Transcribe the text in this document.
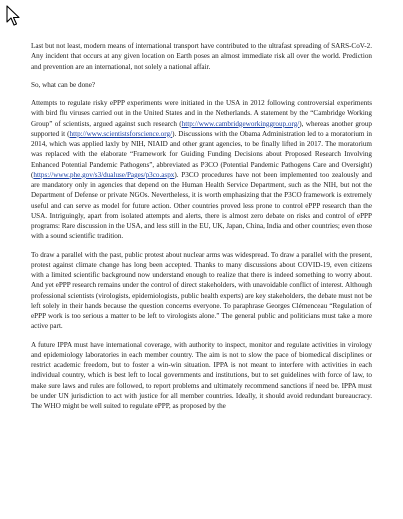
Last but not least, modern means of international transport have contributed to the ultrafast spreading of SARS-CoV-2. Any incident that occurs at any given location on Earth poses an almost immediate risk all over the world. Prediction and prevention are an international, not solely a national affair.

So, what can be done?

Attempts to regulate risky ePPP experiments were initiated in the USA in 2012 following controversial experiments with bird flu viruses carried out in the United States and in the Netherlands. A statement by the “Cambridge Working Group” of scientists, argued against such research (http://www.cambridgeworkinggroup.org/), whereas another group supported it (http://www.scientistsforscience.org/). Discussions with the Obama Administration led to a moratorium in 2014, which was applied laxly by NIH, NIAID and other grant agencies, to be finally lifted in 2017. The moratorium was replaced with the elaborate “Framework for Guiding Funding Decisions about Proposed Research Involving Enhanced Potential Pandemic Pathogens”, abbreviated as P3CO (Potential Pandemic Pathogens Care and Oversight) (https://www.phe.gov/s3/dualuse/Pages/p3co.aspx). P3CO procedures have not been implemented too zealously and are mandatory only in agencies that depend on the Human Health Service Department, such as the NIH, but not the Department of Defense or private NGOs. Nevertheless, it is worth emphasizing that the P3CO framework is extremely useful and can serve as model for future action. Other countries proved less prone to control ePPP research than the USA. Intriguingly, apart from isolated attempts and alerts, there is almost zero debate on risks and control of ePPP programs: Rare discussion in the USA, and less still in the EU, UK, Japan, China, India and other countries; even those with a sound scientific tradition.

To draw a parallel with the past, public protest about nuclear arms was widespread. To draw a parallel with the present, protest against climate change has long been accepted. Thanks to many discussions about COVID-19, even citizens with a limited scientific background now understand enough to realize that there is indeed something to worry about. And yet ePPP research remains under the control of direct stakeholders, with unavoidable conflict of interest. Although professional scientists (virologists, epidemiologists, public health experts) are key stakeholders, the debate must not be left solely in their hands because the question concerns everyone. To paraphrase Georges Clémenceau “Regulation of ePPP work is too serious a matter to be left to virologists alone.” The general public and politicians must take a more active part.

A future IPPA must have international coverage, with authority to inspect, monitor and regulate activities in virology and epidemiology laboratories in each member country. The aim is not to slow the pace of biomedical disciplines or restrict academic freedom, but to foster a win-win situation. IPPA is not meant to interfere with activities in each individual country, which is best left to local governments and institutions, but to set guidelines with force of law, to make sure laws and rules are followed, to report problems and ultimately recommend sanctions if need be. IPPA must be under UN jurisdiction to act with justice for all member countries. Ideally, it should avoid redundant bureaucracy. The WHO might be well suited to regulate ePPP, as proposed by the
